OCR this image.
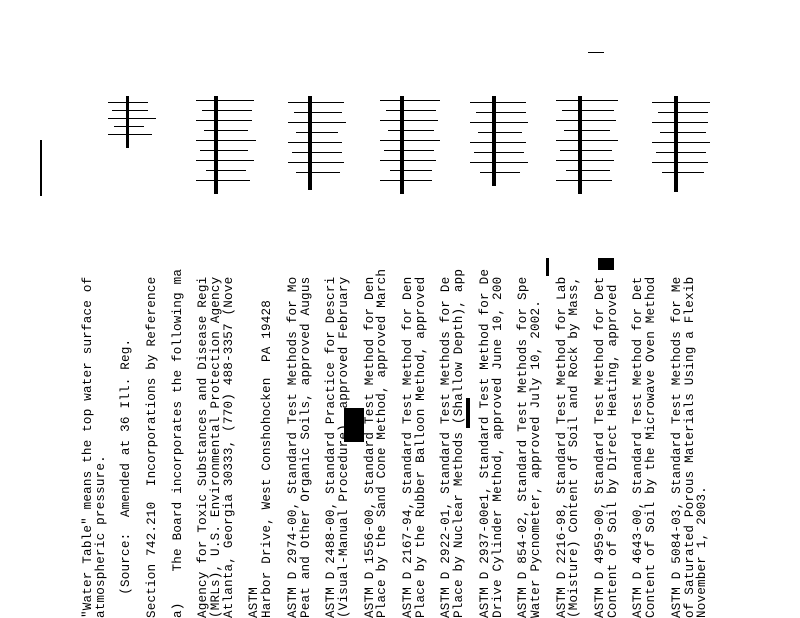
"Water Table" means the top water surface of
atmospheric pressure. (Source:  Amended at 36 Ill. Reg. Section 742.210  Incorporations by Reference a)    The Board incorporates the following ma Agency for Toxic Substances and Disease Regi
(MRLs), U.S. Environmental Protection Agency
Atlanta, Georgia 30333, (770) 488-3357 (Nove ASTM
Harbor Drive, West Conshohocken  PA 19428 ASTM D 2974-00, Standard Test Methods for Mo
Peat and Other Organic Soils, approved Augus ASTM D 2488-00, Standard Practice for Descri
(Visual-Manual Procedure), approved February ASTM D 1556-00, Standard Test Method for Den
Place by the Sand Cone Method, approved March ASTM D 2167-94, Standard Test Method for Den
Place by the Rubber Balloon Method, approved ASTM D 2922-01, Standard Test Methods for De
Place by Nuclear Methods (Shallow Depth), app ASTM D 2937-00e1, Standard Test Method for De
Drive Cylinder Method, approved June 10, 200 ASTM D 854-02, Standard Test Methods for Spe
Water Pycnometer, approved July 10, 2002. ASTM D 2216-98, Standard Test Method for Lab
(Moisture) Content of Soil and Rock by Mass, ASTM D 4959-00, Standard Test Method for Det
Content of Soil by Direct Heating, approved ASTM D 4643-00, Standard Test Method for Det
Content of Soil by the Microwave Oven Method ASTM D 5084-03, Standard Test Methods for Me
of Saturated Porous Materials Using a Flexib
November 1, 2003.
